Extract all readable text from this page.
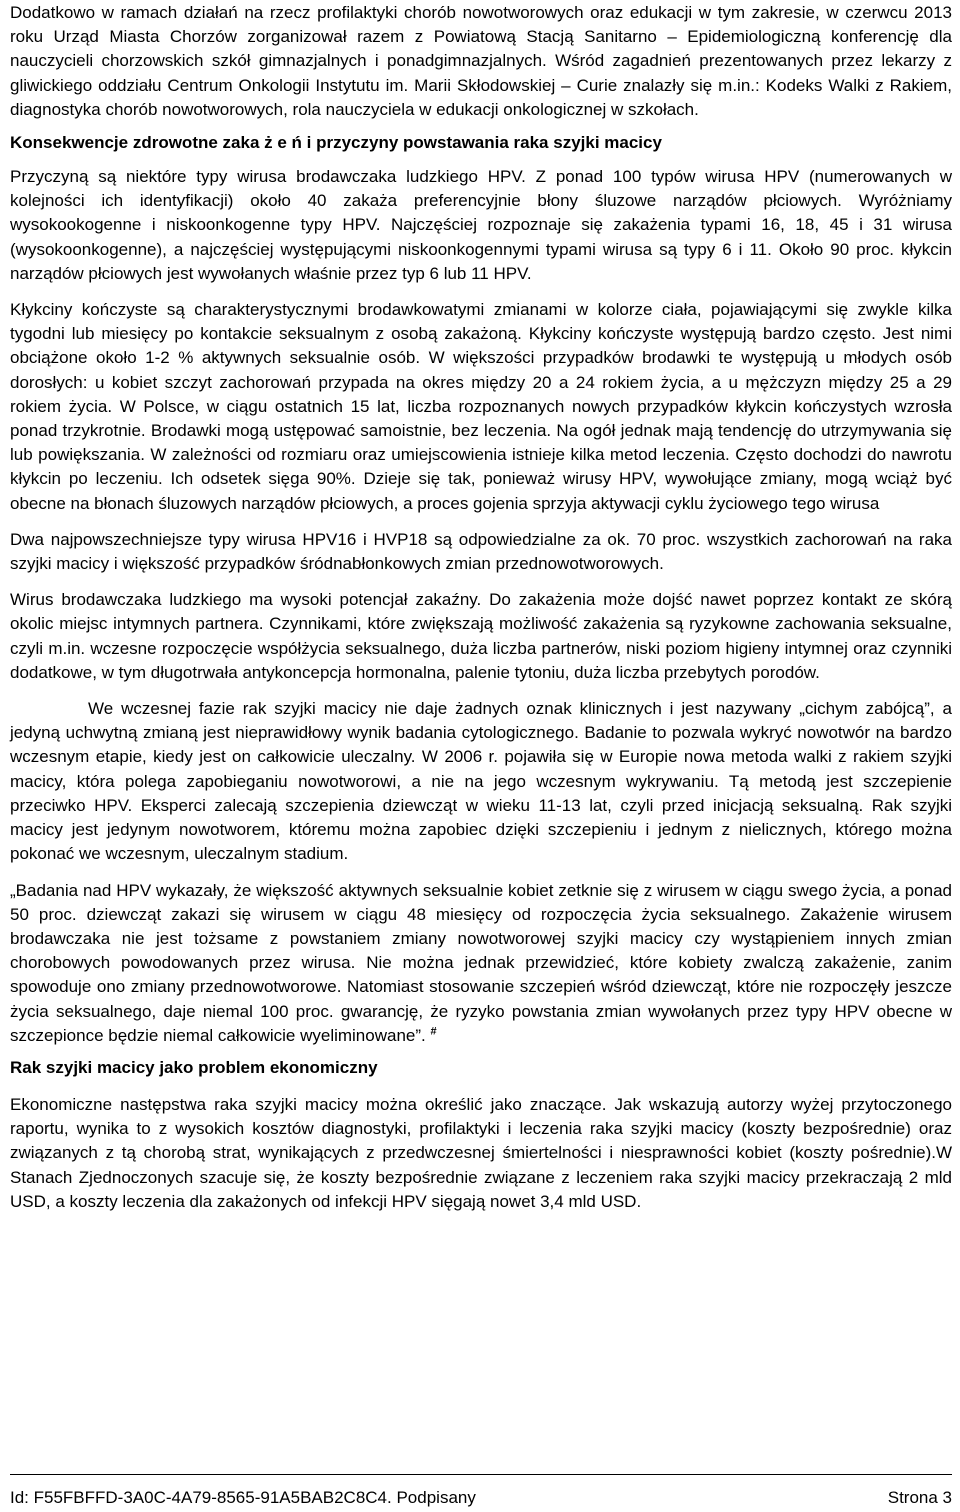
Dodatkowo w ramach działań na rzecz profilaktyki chorób nowotworowych oraz edukacji w tym zakresie, w czerwcu 2013 roku Urząd Miasta Chorzów zorganizował razem z Powiatową Stacją Sanitarno – Epidemiologiczną konferencję dla nauczycieli chorzowskich szkół gimnazjalnych i ponadgimnazjalnych. Wśród zagadnień prezentowanych przez lekarzy z gliwickiego oddziału Centrum Onkologii Instytutu im. Marii Skłodowskiej – Curie znalazły się m.in.: Kodeks Walki z Rakiem, diagnostyka chorób nowotworowych, rola nauczyciela w edukacji onkologicznej w szkołach.

Konsekwencje zdrowotne zaka ż e ń i przyczyny powstawania raka szyjki macicy

Przyczyną są niektóre typy wirusa brodawczaka ludzkiego HPV. Z ponad 100 typów wirusa HPV (numerowanych w kolejności ich identyfikacji) około 40 zakaża preferencyjnie błony śluzowe narządów płciowych. Wyróżniamy wysokookogenne i niskoonkogenne typy HPV. Najczęściej rozpoznaje się zakażenia typami 16, 18, 45 i 31 wirusa (wysokoonkogenne), a najczęściej występującymi niskoonkogennymi typami wirusa są typy 6 i 11. Około 90 proc. kłykcin narządów płciowych jest wywołanych właśnie przez typ 6 lub 11 HPV.

Kłykciny kończyste są charakterystycznymi brodawkowatymi zmianami w kolorze ciała, pojawiającymi się zwykle kilka tygodni lub miesięcy po kontakcie seksualnym z osobą zakażoną. Kłykciny kończyste występują bardzo często. Jest nimi obciążone około 1-2 % aktywnych seksualnie osób. W większości przypadków brodawki te występują u młodych osób dorosłych: u kobiet szczyt zachorowań przypada na okres między 20 a 24 rokiem życia, a u mężczyzn między 25 a 29 rokiem życia. W Polsce, w ciągu ostatnich 15 lat, liczba rozpoznanych nowych przypadków kłykcin kończystych wzrosła ponad trzykrotnie. Brodawki mogą ustępować samoistnie, bez leczenia. Na ogół jednak mają tendencję do utrzymywania się lub powiększania. W zależności od rozmiaru oraz umiejscowienia istnieje kilka metod leczenia. Często dochodzi do nawrotu kłykcin po leczeniu. Ich odsetek sięga 90%. Dzieje się tak, ponieważ wirusy HPV, wywołujące zmiany, mogą wciąż być obecne na błonach śluzowych narządów płciowych, a proces gojenia sprzyja aktywacji cyklu życiowego tego wirusa

Dwa najpowszechniejsze typy wirusa HPV16 i HVP18 są odpowiedzialne za ok. 70 proc. wszystkich zachorowań na raka szyjki macicy i większość przypadków śródnabłonkowych zmian przednowotworowych.

Wirus brodawczaka ludzkiego ma wysoki potencjał zakaźny. Do zakażenia może dojść nawet poprzez kontakt ze skórą okolic miejsc intymnych partnera. Czynnikami, które zwiększają możliwość zakażenia są ryzykowne zachowania seksualne, czyli m.in. wczesne rozpoczęcie współżycia seksualnego, duża liczba partnerów, niski poziom higieny intymnej oraz czynniki dodatkowe, w tym długotrwała antykoncepcja hormonalna, palenie tytoniu, duża liczba przebytych porodów.

We wczesnej fazie rak szyjki macicy nie daje żadnych oznak klinicznych i jest nazywany „cichym zabójcą”, a jedyną uchwytną zmianą jest nieprawidłowy wynik badania cytologicznego. Badanie to pozwala wykryć nowotwór na bardzo wczesnym etapie, kiedy jest on całkowicie uleczalny. W 2006 r. pojawiła się w Europie nowa metoda walki z rakiem szyjki macicy, która polega zapobieganiu nowotworowi, a nie na jego wczesnym wykrywaniu. Tą metodą jest szczepienie przeciwko HPV. Eksperci zalecają szczepienia dziewcząt w wieku 11-13 lat, czyli przed inicjacją seksualną. Rak szyjki macicy jest jedynym nowotworem, któremu można zapobiec dzięki szczepieniu i jednym z nielicznych, którego można pokonać we wczesnym, uleczalnym stadium.

„Badania nad HPV wykazały, że większość aktywnych seksualnie kobiet zetknie się z wirusem w ciągu swego życia, a ponad 50 proc. dziewcząt zakazi się wirusem w ciągu 48 miesięcy od rozpoczęcia życia seksualnego. Zakażenie wirusem brodawczaka nie jest tożsame z powstaniem zmiany nowotworowej szyjki macicy czy wystąpieniem innych zmian chorobowych powodowanych przez wirusa. Nie można jednak przewidzieć, które kobiety zwalczą zakażenie, zanim spowoduje ono zmiany przednowotworowe. Natomiast stosowanie szczepień wśród dziewcząt, które nie rozpoczęły jeszcze życia seksualnego, daje niemal 100 proc. gwarancję, że ryzyko powstania zmian wywołanych przez typy HPV obecne w szczepionce będzie niemal całkowicie wyeliminowane”. #

Rak szyjki macicy jako problem ekonomiczny

Ekonomiczne następstwa raka szyjki macicy można określić jako znaczące. Jak wskazują autorzy wyżej przytoczonego raportu, wynika to z wysokich kosztów diagnostyki, profilaktyki i leczenia raka szyjki macicy (koszty bezpośrednie) oraz związanych z tą chorobą strat, wynikających z przedwczesnej śmiertelności i niesprawności kobiet (koszty pośrednie).W Stanach Zjednoczonych szacuje się, że koszty bezpośrednie związane z leczeniem raka szyjki macicy przekraczają 2 mld USD, a koszty leczenia dla zakażonych od infekcji HPV sięgają nowet 3,4 mld USD.

Id: F55FBFFD-3A0C-4A79-8565-91A5BAB2C8C4. Podpisany	Strona 3
